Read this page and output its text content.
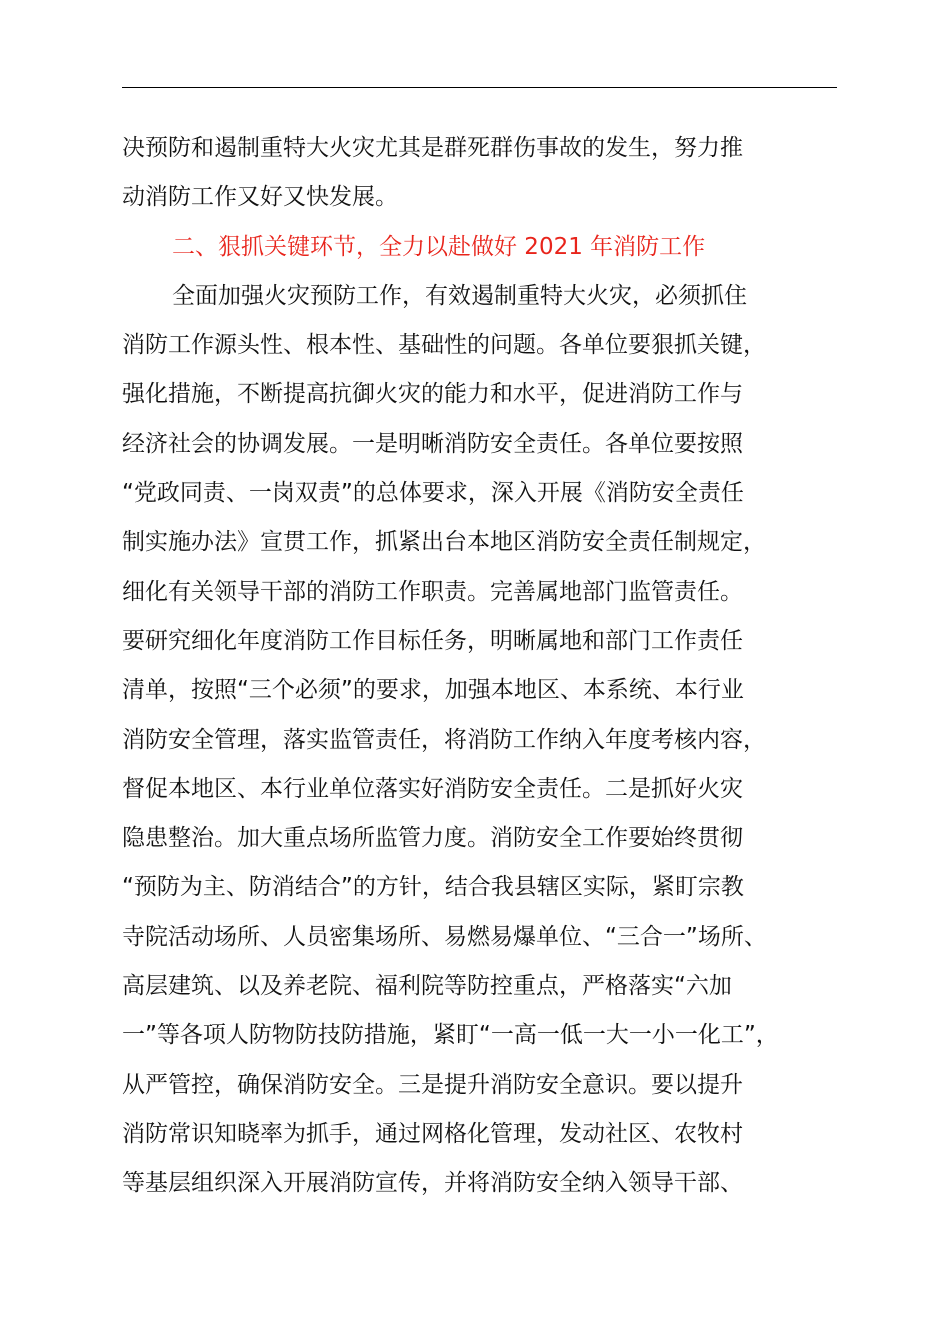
决预防和遏制重特大火灾尤其是群死群伤事故的发生，努力推
动消防工作又好又快发展。
二、狠抓关键环节，全力以赴做好 2021 年消防工作
全面加强火灾预防工作，有效遏制重特大火灾，必须抓住
消防工作源头性、根本性、基础性的问题。各单位要狠抓关键，
强化措施，不断提高抗御火灾的能力和水平，促进消防工作与
经济社会的协调发展。一是明晰消防安全责任。各单位要按照
“党政同责、一岗双责”的总体要求，深入开展《消防安全责任
制实施办法》宣贯工作，抓紧出台本地区消防安全责任制规定，
细化有关领导干部的消防工作职责。完善属地部门监管责任。
要研究细化年度消防工作目标任务，明晰属地和部门工作责任
清单，按照“三个必须”的要求，加强本地区、本系统、本行业
消防安全管理，落实监管责任，将消防工作纳入年度考核内容，
督促本地区、本行业单位落实好消防安全责任。二是抓好火灾
隐患整治。加大重点场所监管力度。消防安全工作要始终贯彻
“预防为主、防消结合”的方针，结合我县辖区实际，紧盯宗教
寺院活动场所、人员密集场所、易燃易爆单位、“三合一”场所、
高层建筑、以及养老院、福利院等防控重点，严格落实“六加
一”等各项人防物防技防措施，紧盯“一高一低一大一小一化工”，
从严管控，确保消防安全。三是提升消防安全意识。要以提升
消防常识知晓率为抓手，通过网格化管理，发动社区、农牧村
等基层组织深入开展消防宣传，并将消防安全纳入领导干部、
